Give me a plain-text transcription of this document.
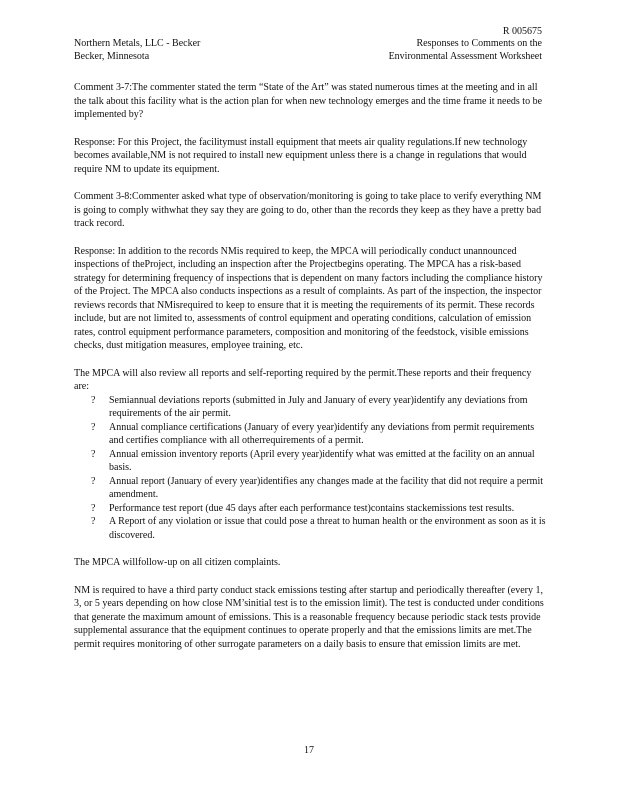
R 005675
Northern Metals, LLC - Becker
Becker, Minnesota
Responses to Comments on the
Environmental Assessment Worksheet

Comment 3-7:The commenter stated the term “State of the Art” was stated numerous times at the meeting and in all the talk about this facility what is the action plan for when new technology emerges and the time frame it needs to be implemented by?

Response: For this Project, the facilitymust install equipment that meets air quality regulations.If new technology becomes available,NM is not required to install new equipment unless there is a change in regulations that would require NM to update its equipment.

Comment 3-8:Commenter asked what type of observation/monitoring is going to take place to verify everything NM is going to comply withwhat they say they are going to do, other than the records they keep as they have a pretty bad track record.

Response: In addition to the records NMis required to keep, the MPCA will periodically conduct unannounced inspections of theProject, including an inspection after the Projectbegins operating. The MPCA has a risk-based strategy for determining frequency of inspections that is dependent on many factors including the compliance history of the Project. The MPCA also conducts inspections as a result of complaints. As part of the inspection, the inspector reviews records that NMisrequired to keep to ensure that it is meeting the requirements of its permit. These records include, but are not limited to, assessments of control equipment and operating conditions, calculation of emission rates, control equipment performance parameters, composition and monitoring of the feedstock, visible emissions checks, dust mitigation measures, employee training, etc.

The MPCA will also review all reports and self-reporting required by the permit.These reports and their frequency are:

? Semiannual deviations reports (submitted in July and January of every year)identify any deviations from requirements of the air permit.
? Annual compliance certifications (January of every year)identify any deviations from permit requirements and certifies compliance with all otherrequirements of a permit.
? Annual emission inventory reports (April every year)identify what was emitted at the facility on an annual basis.
? Annual report (January of every year)identifies any changes made at the facility that did not require a permit amendment.
? Performance test report (due 45 days after each performance test)contains stackemissions test results.
? A Report of any violation or issue that could pose a threat to human health or the environment as soon as it is discovered.

The MPCA willfollow-up on all citizen complaints.

NM is required to have a third party conduct stack emissions testing after startup and periodically thereafter (every 1, 3, or 5 years depending on how close NM’sinitial test is to the emission limit). The test is conducted under conditions that generate the maximum amount of emissions. This is a reasonable frequency because periodic stack tests provide supplemental assurance that the equipment continues to operate properly and that the emissions limits are met.The permit requires monitoring of other surrogate parameters on a daily basis to ensure that emission limits are met.

17
